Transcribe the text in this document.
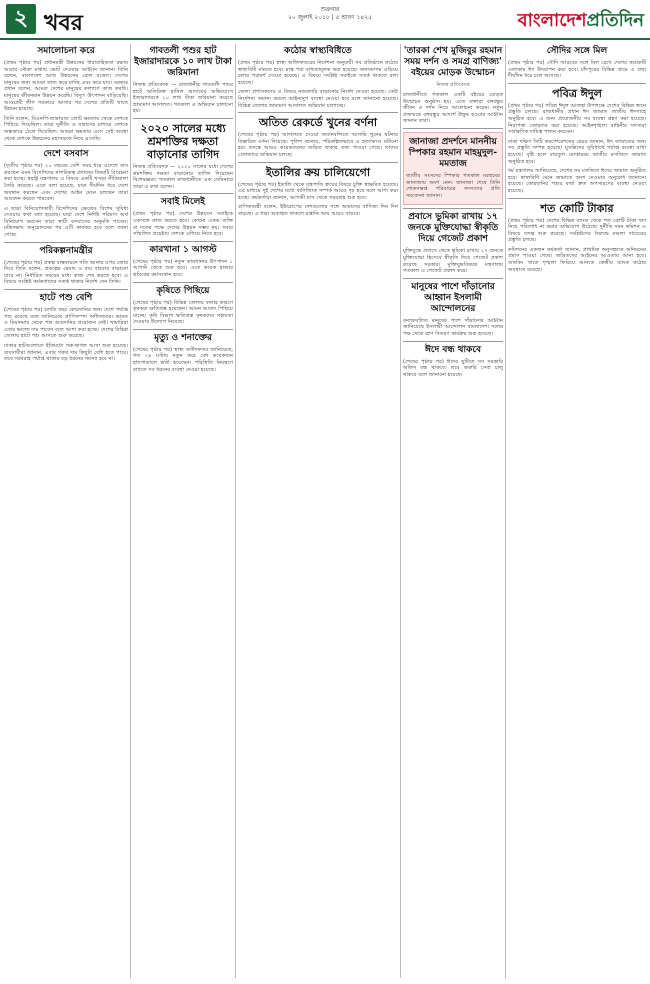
২ খবর
শুক্রবার
২০ জুলাই ২০১৮ | ৫ শ্রাবণ ১৪২৫	বাংলাদেশপ্রতিদিন
সমালোচনা করে

(প্রথম পৃষ্ঠার পর) প্রধানমন্ত্রী উন্নয়নের ধারাবাহিকতা রক্ষায় আবার নৌকা মার্কায় ভোট দেওয়ার আহ্বান জানান। তিনি বলেন, বাংলাদেশ আজ উন্নয়নের রোল মডেল। দেশের মানুষের জন্য আমরা কাজ করে যাচ্ছি এবং করে যাব। সরকার প্রধান বলেন, আমরা দেশের মানুষের কল্যাণে কাজ করছি। মানুষের জীবনমান উন্নয়ন করেছি। বিদ্যুৎ উৎপাদন বাড়িয়েছি। আওয়ামী লীগ সরকারে আসার পর দেশের প্রতিটি খাতে উন্নয়ন হয়েছে।

তিনি বলেন, বিএনপি-জামায়াত জোট ক্ষমতায় থেকে দেশকে পিছিয়ে দিয়েছিল। তারা দুর্নীতি ও সন্ত্রাসের মাধ্যমে দেশকে অন্ধকারে ঠেলে দিয়েছিল। আমরা ক্ষমতায় এসে সেই অবস্থা থেকে দেশকে উন্নয়নের মহাসড়কে নিয়ে এসেছি।

দেশে বসবাস

(তৃতীয় পৃষ্ঠার পর) ২০ বছরের বেশি সময় ধরে এদেশে বাস করছেন এমন বিদেশিদের নাগরিকত্ব প্রদানের বিষয়টি বিবেচনা করা হচ্ছে। স্বরাষ্ট্র মন্ত্রণালয় এ বিষয়ে একটি খসড়া নীতিমালা তৈরি করেছে। এতে বলা হয়েছে, যারা দীর্ঘদিন ধরে দেশে অবস্থান করছেন এবং দেশের আইন মেনে চলছেন তারা আবেদন করতে পারবেন।

এ ছাড়া বিনিয়োগকারী বিদেশিদের ক্ষেত্রেও বিশেষ সুবিধা দেওয়ার কথা বলা হয়েছে। যারা দেশে নির্দিষ্ট পরিমাণ অর্থ বিনিয়োগ করবেন তারা স্থায়ী বসবাসের অনুমতি পাবেন। মন্ত্রিসভায় অনুমোদনের পর এটি কার্যকর হবে বলে জানা গেছে।

পরিকল্পনামন্ত্রীর

(শেষের পৃষ্ঠার পর) প্রকল্প বাস্তবায়নে গতি আনার ওপর জোর দিয়ে তিনি বলেন, প্রকল্পের মেয়াদ ও ব্যয় বারবার বাড়ানো যাবে না। নির্ধারিত সময়ের মধ্যে কাজ শেষ করতে হবে। এ বিষয়ে সংশ্লিষ্ট কর্মকর্তাদের সতর্ক থাকার নির্দেশ দেন তিনি।

হাটে পশু বেশি

(শেষের পৃষ্ঠার পর) চলতি বছর কোরবানির জন্য দেশে পর্যাপ্ত পশু রয়েছে বলে জানিয়েছে প্রাণিসম্পদ অধিদফতর। ভারত ও মিয়ানমার থেকে পশু আমদানির প্রয়োজন নেই। খামারিরা এবার ভালো দাম পাবেন বলে আশা করা হচ্ছে। দেশের বিভিন্ন জেলায় হাটে পশু আসতে শুরু করেছে।

ঢাকার হাটগুলোতে ইতিমধ্যে গরু-ছাগল আসা শুরু হয়েছে। ব্যবসায়ীরা জানান, এবার গরুর দাম কিছুটা বেশি হতে পারে। তবে সরবরাহ পর্যাপ্ত থাকায় বড় ধরনের সমস্যা হবে না।

গাবতলী পশুর হাট ইজারাদারকে ১০ লাখ টাকা জরিমানা

নিজস্ব প্রতিবেদক — রাজধানীর গাবতলী পশুর হাটে অতিরিক্ত হাসিল আদায়ের অভিযোগে ইজারাদারকে ১০ লাখ টাকা জরিমানা করেছে ভ্রাম্যমাণ আদালত। গতকাল এ অভিযান চালানো হয়।

২০২০ সালের মধ্যে শ্রমশক্তির দক্ষতা বাড়ানোর তাগিদ

নিজস্ব প্রতিবেদক — ২০২০ সালের মধ্যে দেশের শ্রমশক্তির দক্ষতা বাড়ানোর তাগিদ দিয়েছেন বিশেষজ্ঞরা। গতকাল রাজধানীতে এক সেমিনারে তারা এ কথা বলেন।

সবাই মিলেই

(প্রথম পৃষ্ঠার পর) দেশের উন্নয়নে সবাইকে একসঙ্গে কাজ করতে হবে। কোনো একক ব্যক্তি বা দলের পক্ষে দেশের উন্নয়ন সম্ভব নয়। সবার সম্মিলিত প্রচেষ্টায় দেশকে এগিয়ে নিতে হবে।

কারখানা ১ আগস্ট

(শেষের পৃষ্ঠার পর) নতুন কারখানার উৎপাদন ১ আগস্ট থেকে শুরু হবে। এতে কয়েক হাজার শ্রমিকের কর্মসংস্থান হবে।

কৃষিতে পিছিয়ে

(শেষের পৃষ্ঠার পর) বিভিন্ন জেলায় বন্যার কারণে কৃষকরা ক্ষতিগ্রস্ত হয়েছেন। আমন আবাদ পিছিয়ে যাচ্ছে। কৃষি বিভাগ ক্ষতিগ্রস্ত কৃষকদের সহায়তা দেওয়ার উদ্যোগ নিয়েছে।

মৃত্যু ও শনাক্তের

(শেষের পৃষ্ঠার পর) স্বাস্থ্য অধিদফতর জানিয়েছে, গত ২৪ ঘণ্টায় নতুন করে বেশ কয়েকজন হাসপাতালে ভর্তি হয়েছেন। পরিস্থিতি নিয়ন্ত্রণে রাখতে সব ধরনের ব্যবস্থা নেওয়া হয়েছে।

কঠোর স্বাস্থ্যবিধিতে

(প্রথম পৃষ্ঠার পর) স্বাস্থ্য অধিদফতরের নির্দেশনা অনুযায়ী সব প্রতিষ্ঠানে কঠোর স্বাস্থ্যবিধি মানতে হবে। মাস্ক পরা বাধ্যতামূলক করা হয়েছে। জনসমাগম এড়িয়ে চলার পরামর্শ দেওয়া হয়েছে। এ বিষয়ে সংশ্লিষ্ট সবাইকে সতর্ক থাকতে বলা হয়েছে।

জেলা প্রশাসকদের এ বিষয়ে নজরদারি বাড়ানোর নির্দেশ দেওয়া হয়েছে। কেউ নির্দেশনা অমান্য করলে আইনানুগ ব্যবস্থা নেওয়া হবে বলে জানানো হয়েছে। বিভিন্ন জেলায় ভ্রাম্যমাণ আদালত অভিযান চালাচ্ছে।

অতিত রেকর্ডে খুনের বর্ণনা

(শেষের পৃষ্ঠার পর) আদালতে দেওয়া জবানবন্দিতে আসামি খুনের ঘটনার বিস্তারিত বর্ণনা দিয়েছে। পুলিশ জানায়, পরিকল্পিতভাবে এ হত্যাকাণ্ড ঘটানো হয়। তদন্তে আরও কয়েকজনের জড়িত থাকার তথ্য পাওয়া গেছে। তাদের গ্রেফতারে অভিযান চলছে।

ইতালির ক্রয় চালিয়েগো

(শেষের পৃষ্ঠার পর) ইতালি থেকে যন্ত্রপাতি ক্রয়ের বিষয়ে চুক্তি স্বাক্ষরিত হয়েছে। এর মাধ্যমে দুই দেশের মধ্যে বাণিজ্যিক সম্পর্ক আরও দৃঢ় হবে বলে আশা করা হচ্ছে। কর্মকর্তারা জানান, আগামী মাস থেকে সরবরাহ শুরু হবে।

বাণিজ্যমন্ত্রী বলেন, ইউরোপের দেশগুলোর সঙ্গে আমাদের বাণিজ্য দিন দিন বাড়ছে। এ ধারা অব্যাহত থাকলে রপ্তানি আয় আরও বাড়বে।

'তারকা শেখ মুজিবুর রহমান সময় দর্শন ও সমগ্র বাণিজ্য' বইয়ের মোড়ক উন্মোচন
নিজস্ব প্রতিবেদক

রাজধানীতে গতকাল একটি বইয়ের মোড়ক উন্মোচন অনুষ্ঠান হয়। এতে বক্তারা বঙ্গবন্ধুর জীবন ও দর্শন নিয়ে আলোচনা করেন। নতুন প্রজন্মকে বঙ্গবন্ধুর আদর্শে উদ্বুদ্ধ হওয়ার আহ্বান জানান তারা।

জানাজা প্রদর্শনে মাননীয় স্পিকার রহমান মাহমুদুল-মমতাজ

জাতীয় সংসদের স্পিকার গতকাল মরহুমের জানাজায় অংশ নেন। জানাজা শেষে তিনি শোকসন্তপ্ত পরিবারের সদস্যদের প্রতি সমবেদনা জানান।

প্রবাসে ভুমিকা রাখায় ১৭ জনকে মুক্তিযোদ্ধা স্বীকৃতি দিয়ে গেজেট প্রকাশ

মুক্তিযুদ্ধে প্রবাসে থেকে ভূমিকা রাখায় ১৭ জনকে মুক্তিযোদ্ধা হিসেবে স্বীকৃতি দিয়ে গেজেট প্রকাশ করেছে সরকার। মুক্তিযুদ্ধবিষয়ক মন্ত্রণালয় গতকাল এ গেজেট প্রকাশ করে।

মানুষের পাশে দাঁড়ানোর আহ্বান ইসলামী আন্দোলনের

বন্যাকবলিত মানুষের পাশে দাঁড়ানোর আহ্বান জানিয়েছে ইসলামী আন্দোলন বাংলাদেশ। দলের পক্ষ থেকে ত্রাণ বিতরণ কার্যক্রম শুরু হয়েছে।

ঈদে বন্ধ থাকবে

(শেষের পৃষ্ঠার পর) ঈদের ছুটিতে সব সরকারি অফিস বন্ধ থাকবে। তবে জরুরি সেবা চালু থাকবে বলে জানানো হয়েছে।

সৌদির সঙ্গে মিল

(প্রথম পৃষ্ঠার পর) সৌদি আরবের সঙ্গে মিল রেখে দেশের কয়েকটি এলাকায় ঈদ উদযাপন করা হবে। চাঁদপুরের বিভিন্ন গ্রামে এ প্রথা দীর্ঘদিন ধরে চলে আসছে।

পবিত্র ঈদুল

(প্রথম পৃষ্ঠার পর) পবিত্র ঈদুল আজহা উপলক্ষে দেশের বিভিন্ন স্থানে প্রস্তুতি চলছে। রাজধানীর প্রধান ঈদ জামাত জাতীয় ঈদগাহে অনুষ্ঠিত হবে। এ জন্য প্রয়োজনীয় সব ব্যবস্থা গ্রহণ করা হয়েছে। নিরাপত্তা জোরদার করা হয়েছে। আইনশৃঙ্খলা বাহিনীর সদস্যরা সার্বক্ষণিক দায়িত্ব পালন করবেন।

ঢাকা দক্ষিণ সিটি করপোরেশনের মেয়র জানান, ঈদ জামাতের জন্য সব প্রস্তুতি সম্পন্ন হয়েছে। মুসল্লিদের সুবিধার্থে পর্যাপ্ত ব্যবস্থা রাখা হয়েছে। বৃষ্টি হলে বায়তুল মোকাররম জাতীয় মসজিদে জামাত অনুষ্ঠিত হবে।

ধর্ম মন্ত্রণালয় জানিয়েছে, দেশের সব মসজিদে ঈদের জামাত অনুষ্ঠিত হবে। স্বাস্থ্যবিধি মেনে জামাতে অংশ নেওয়ার অনুরোধ জানানো হয়েছে। কোরবানির পশুর বর্জ্য দ্রুত অপসারণের ব্যবস্থা নেওয়া হয়েছে।

শত কোটি টাকার

(প্রথম পৃষ্ঠার পর) দেশের বিভিন্ন ব্যাংক থেকে শত কোটি টাকা ঋণ নিয়ে পরিশোধ না করার অভিযোগ উঠেছে। দুর্নীতি দমন কমিশন এ বিষয়ে তদন্ত শুরু করেছে। সংশ্লিষ্টদের বিরুদ্ধে মামলা দায়েরের প্রস্তুতি চলছে।

কমিশনের একজন কর্মকর্তা জানান, প্রাথমিক অনুসন্ধানে অনিয়মের প্রমাণ পাওয়া গেছে। জড়িতদের আইনের আওতায় আনা হবে। ব্যাংকিং খাতে শৃঙ্খলা ফিরিয়ে আনতে কেন্দ্রীয় ব্যাংক কঠোর অবস্থানে রয়েছে।
